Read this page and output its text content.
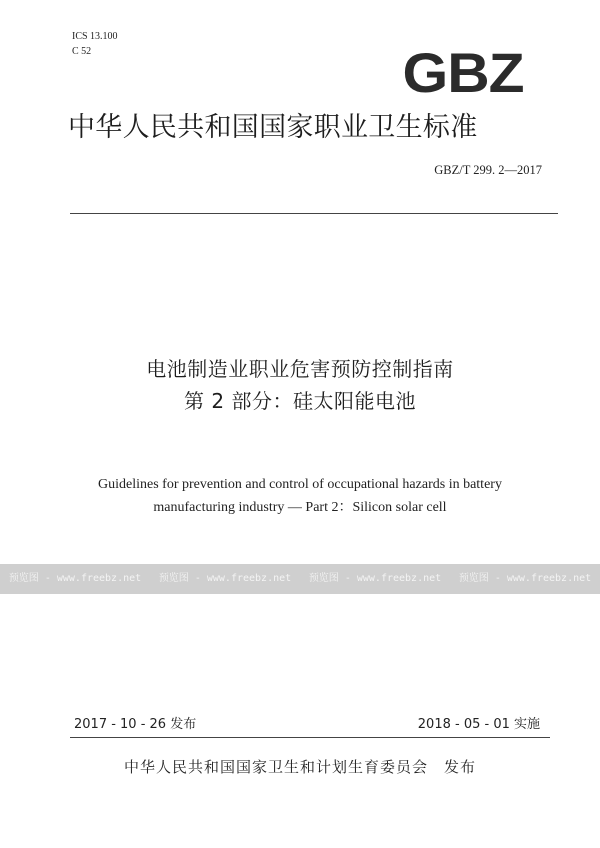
ICS 13.100
C 52	GBZ
中华人民共和国国家职业卫生标准
GBZ/T 299. 2—2017
电池制造业职业危害预防控制指南
第 2 部分：硅太阳能电池
Guidelines for prevention and control of occupational hazards in battery
manufacturing industry — Part 2：Silicon solar cell
预览图 - www.freebz.net 预览图 - www.freebz.net 预览图 - www.freebz.net 预览图 - www.freebz.net
2017 - 10 - 26 发布	2018 - 05 - 01 实施
中华人民共和国国家卫生和计划生育委员会　发布
